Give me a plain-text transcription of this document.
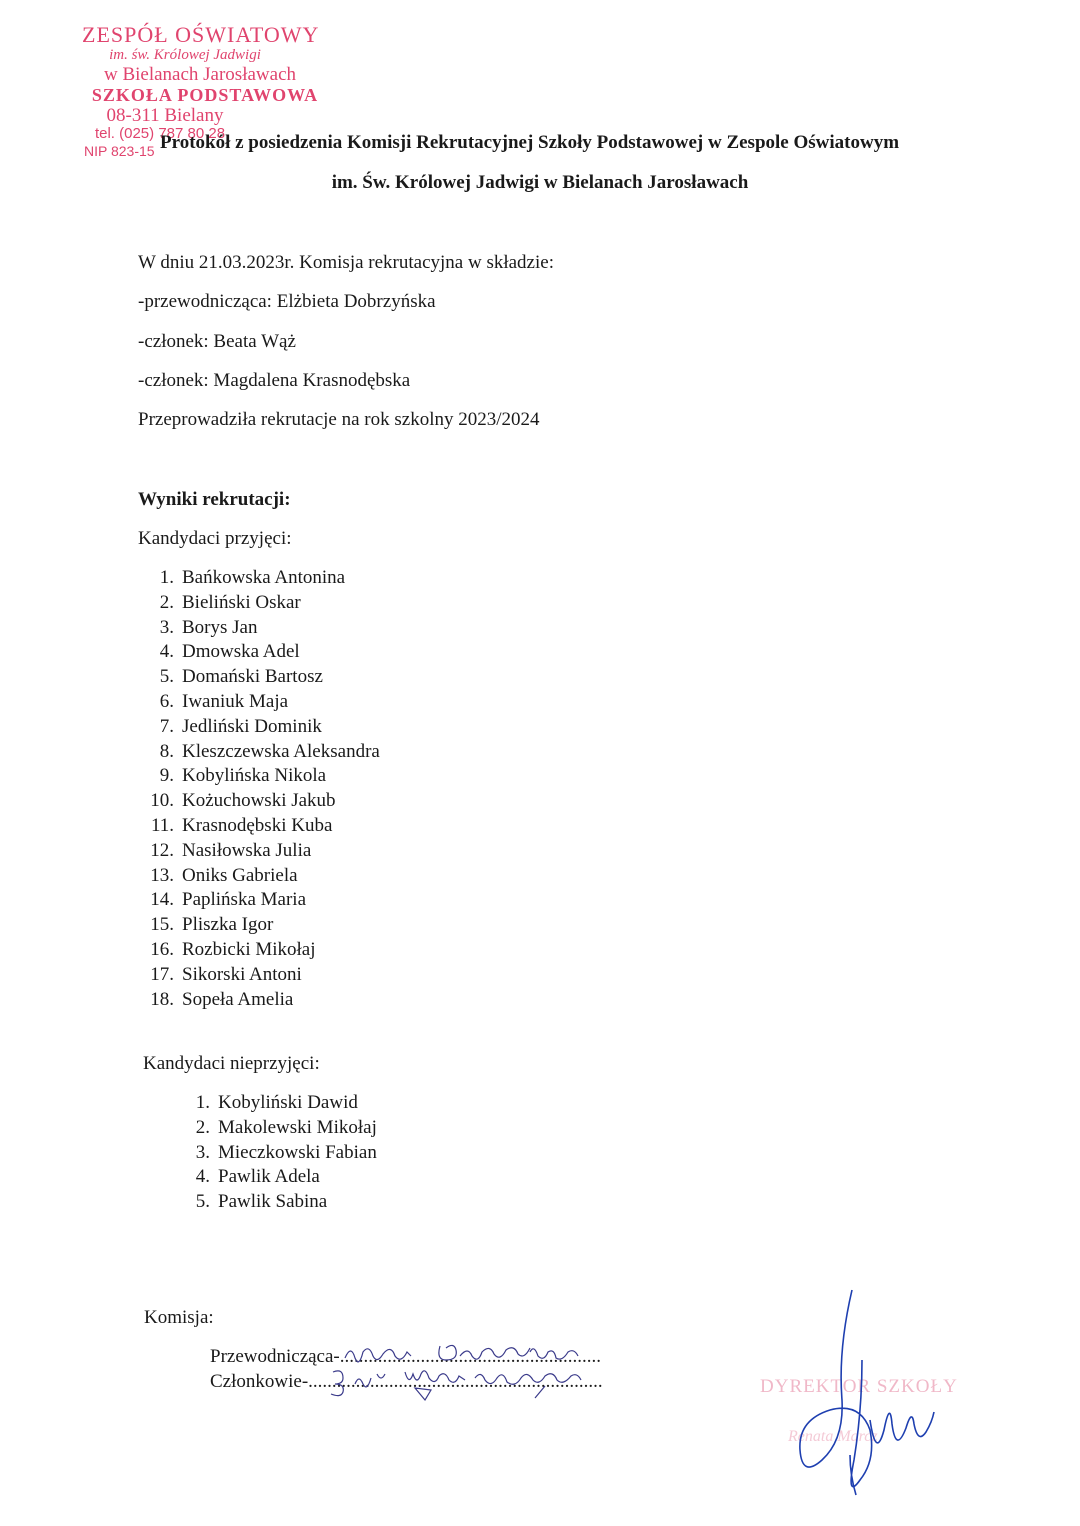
ZESPÓŁ OŚWIATOWY
im. św. Królowej Jadwigi
w Bielanach Jarosławach
SZKOŁA PODSTAWOWA
08-311 Bielany
tel. (025) 787 80 28
NIP 823-15 Protokół z posiedzenia Komisji Rekrutacyjnej Szkoły Podstawowej w Zespole Oświatowym
im. Św. Królowej Jadwigi w Bielanach Jarosławach
W dniu 21.03.2023r. Komisja rekrutacyjna w składzie:
-przewodnicząca: Elżbieta Dobrzyńska
-członek: Beata Wąż
-członek: Magdalena Krasnodębska
Przeprowadziła rekrutacje na rok szkolny 2023/2024
Wyniki rekrutacji:
Kandydaci przyjęci:
1. Bańkowska Antonina
2. Bieliński Oskar
3. Borys Jan
4. Dmowska Adel
5. Domański Bartosz
6. Iwaniuk Maja
7. Jedliński Dominik
8. Kleszczewska Aleksandra
9. Kobylińska Nikola
10. Kożuchowski Jakub
11. Krasnodębski Kuba
12. Nasiłowska Julia
13. Oniks Gabriela
14. Paplińska Maria
15. Pliszka Igor
16. Rozbicki Mikołaj
17. Sikorski Antoni
18. Sopeła Amelia
Kandydaci nieprzyjęci:
1. Kobyliński Dawid
2. Makolewski Mikołaj
3. Mieczkowski Fabian
4. Pawlik Adela
5. Pawlik Sabina
Komisja:
Przewodnicząca-.......................................................
Członkowie-..............................................................	DYREKTOR SZKOŁY
Renata Marcz
